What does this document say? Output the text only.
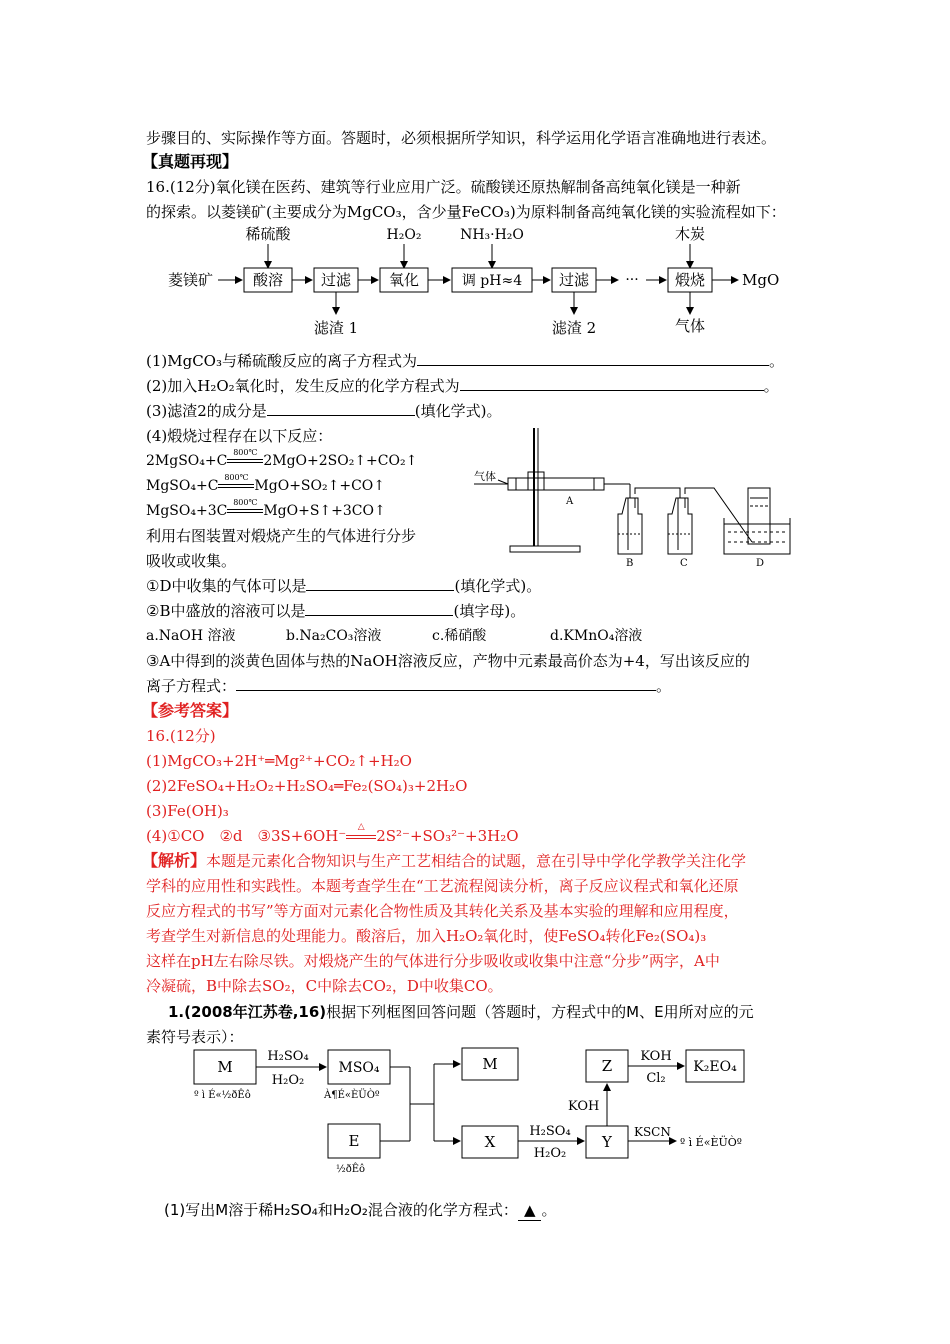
步骤目的、实际操作等方面。答题时，必须根据所学知识，科学运用化学语言准确地进行表述。
【真题再现】
16.(12分)氧化镁在医药、建筑等行业应用广泛。硫酸镁还原热解制备高纯氧化镁是一种新
的探索。以菱镁矿(主要成分为MgCO₃，含少量FeCO₃)为原料制备高纯氧化镁的实验流程如下：
稀硫酸	H₂O₂	NH₃·H₂O	木炭
菱镁矿	酸溶	过滤	氧化	调 pH≈4 过滤	··· 煅烧 MgO
滤渣 1	滤渣 2	气体
(1)MgCO₃与稀硫酸反应的离子方程式为	。
(2)加入H₂O₂氧化时，发生反应的化学方程式为	。
(3)滤渣2的成分是	(填化学式)。
(4)煅烧过程存在以下反应：
2MgSO₄+C
800℃
2MgO+2SO₂↑+CO₂↑
MgSO₄+C
800℃
MgO+SO₂↑+CO↑
MgSO₄+3C
800℃
MgO+S↑+3CO↑
利用右图装置对煅烧产生的气体进行分步
吸收或收集。
气体
A
B	C	D
①D中收集的气体可以是	(填化学式)。
②B中盛放的溶液可以是	(填字母)。
a.NaOH 溶液	b.Na₂CO₃溶液	c.稀硝酸	d.KMnO₄溶液
③A中得到的淡黄色固体与热的NaOH溶液反应，产物中元素最高价态为+4，写出该反应的
离子方程式：	。
【参考答案】
16.(12分)
(1)MgCO₃+2H⁺═Mg²⁺+CO₂↑+H₂O
(2)2FeSO₄+H₂O₂+H₂SO₄═Fe₂(SO₄)₃+2H₂O
(3)Fe(OH)₃
(4)①CO　②d　③3S+6OH⁻	△ 2S²⁻+SO₃²⁻+3H₂O
【解析】本题是元素化合物知识与生产工艺相结合的试题，意在引导中学化学教学关注化学
学科的应用性和实践性。本题考查学生在“工艺流程阅读分析，离子反应议程式和氧化还原
反应方程式的书写”等方面对元素化合物性质及其转化关系及基本实验的理解和应用程度，
考查学生对新信息的处理能力。酸溶后，加入H₂O₂氧化时，使FeSO₄转化Fe₂(SO₄)₃
这样在pH左右除尽铁。对煅烧产生的气体进行分步吸收或收集中注意“分步”两字，A中
冷凝硫，B中除去SO₂，C中除去CO₂，D中收集CO。
1.(2008年江苏卷,16)根据下列框图回答问题（答题时，方程式中的M、E用所对应的元
素符号表示）：
M
º ì É«½ðÊô
H₂SO₄
H₂O₂
MSO₄
À¶É«ÈÜÒº
E
½ðÊô
M
X
H₂SO₄
H₂O₂
Y
KOH
KSCN
º ì É«ÈÜÒº
Z
KOH
Cl₂
K₂EO₄
(1)写出M溶于稀H₂SO₄和H₂O₂混合液的化学方程式： ▲ 。
